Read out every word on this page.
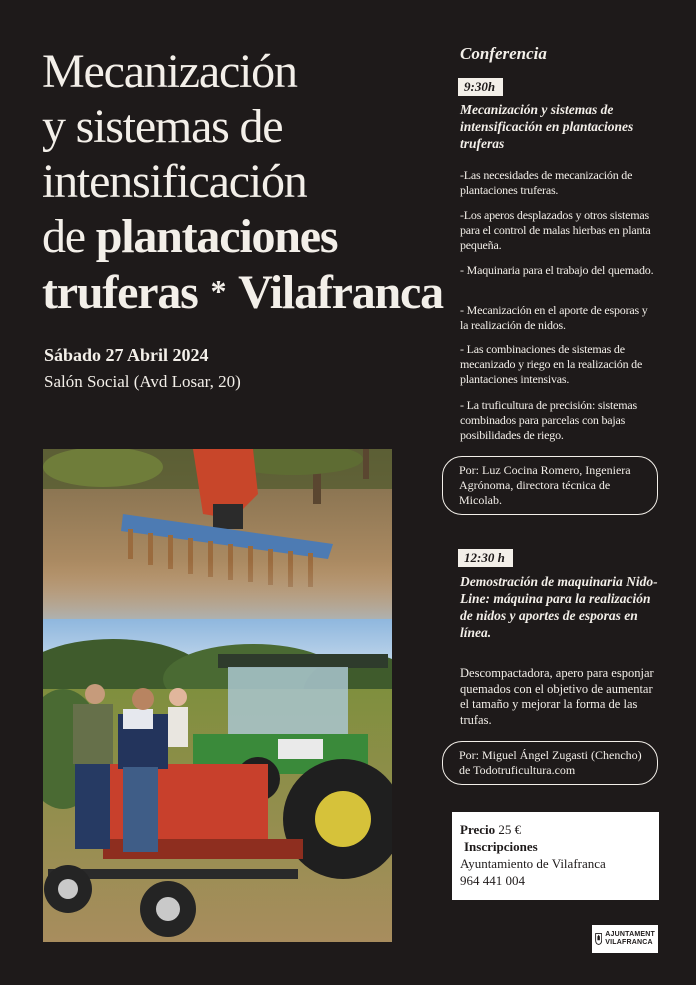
Mecanización
y sistemas de
intensificación
de plantaciones
truferas * Vilafranca
Sábado 27 Abril 2024
Salón Social (Avd Losar, 20)
Conferencia
9:30h
Mecanización y sistemas de intensificación en plantaciones truferas
-Las necesidades de mecanización de plantaciones truferas.
-Los aperos desplazados y otros sistemas para el control de malas hierbas en planta pequeña.
- Maquinaria para el trabajo del quemado.
- Mecanización en el aporte de esporas y la realización de nidos.
- Las combinaciones de sistemas de mecanizado y riego en la realización de plantaciones intensivas.
- La truficultura de precisión: sistemas combinados para parcelas con bajas posibilidades de riego.
Por: Luz Cocina Romero, Ingeniera Agrónoma, directora técnica de Micolab.
12:30 h
Demostración de maquinaria Nido-Line: máquina para la realización de nidos y aportes de esporas en línea.
Descompactadora, apero para esponjar quemados con el objetivo de aumentar el tamaño y mejorar la forma de las trufas.
Por: Miguel Ángel Zugasti (Chencho) de Todotruficultura.com
Precio 25 €
Inscripciones
Ayuntamiento de Vilafranca
964 441 004
AJUNTAMENT
VILAFRANCA
